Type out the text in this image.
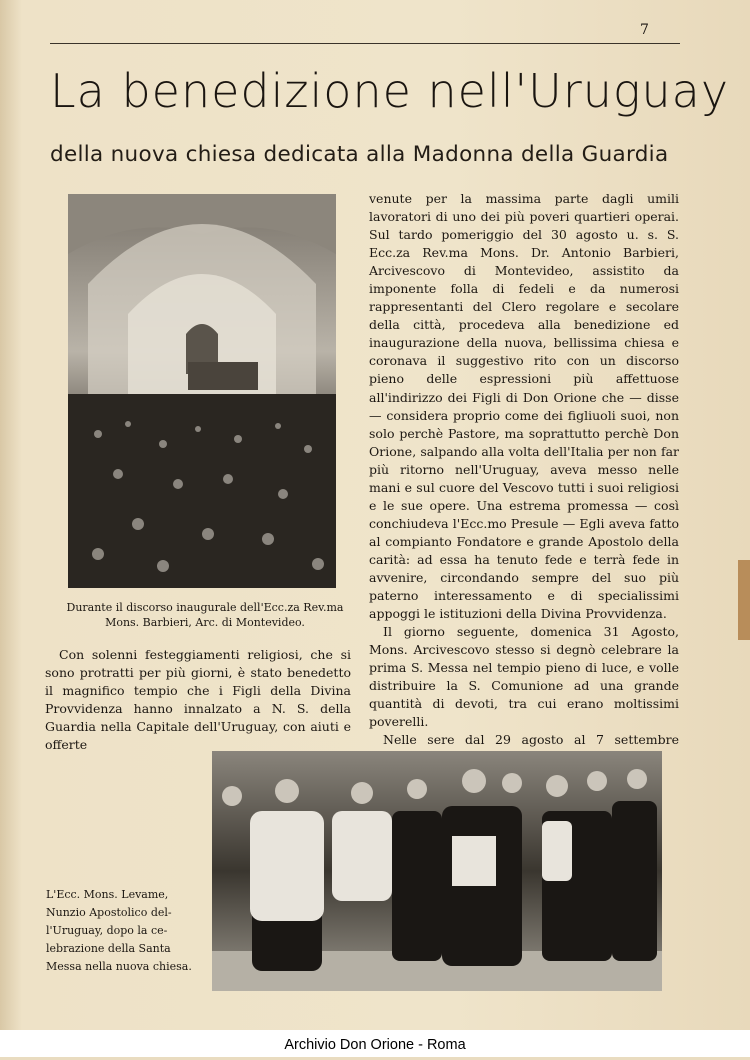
7
La benedizione nell'Uruguay
della nuova chiesa dedicata alla Madonna della Guardia
Durante il discorso inaugurale dell'Ecc.za Rev.ma Mons. Barbieri, Arc. di Montevideo.

Con solenni festeggiamenti religiosi, che si sono protratti per più giorni, è stato benedetto il magnifico tempio che i Figli della Divina Provvidenza hanno innalzato a N. S. della Guardia nella Capitale dell'Uruguay, con aiuti e offerte

venute per la massima parte dagli umili lavoratori di uno dei più poveri quartieri operai. Sul tardo pomeriggio del 30 agosto u. s. S. Ecc.za Rev.ma Mons. Dr. Antonio Barbieri, Arcivescovo di Montevideo, assistito da imponente folla di fedeli e da numerosi rappresentanti del Clero regolare e secolare della città, procedeva alla benedizione ed inaugurazione della nuova, bellissima chiesa e coronava il suggestivo rito con un discorso pieno delle espressioni più affettuose all'indirizzo dei Figli di Don Orione che — disse — considera proprio come dei figliuoli suoi, non solo perchè Pastore, ma soprattutto perchè Don Orione, salpando alla volta dell'Italia per non far più ritorno nell'Uruguay, aveva messo nelle mani e sul cuore del Vescovo tutti i suoi religiosi e le sue opere. Una estrema promessa — così conchiudeva l'Ecc.mo Presule — Egli aveva fatto al compianto Fondatore e grande Apostolo della carità: ad essa ha tenuto fede e terrà fede in avvenire, circondando sempre del suo più paterno interessamento e di specialissimi appoggi le istituzioni della Divina Provvidenza.

Il giorno seguente, domenica 31 Agosto, Mons. Arcivescovo stesso si degnò celebrare la prima S. Messa nel tempio pieno di luce, e volle distribuire la S. Comunione ad una grande quantità di devoti, tra cui erano moltissimi poverelli.

Nelle sere dal 29 agosto al 7 settembre

L'Ecc. Mons. Levame, Nunzio Apostolico del- l'Uruguay, dopo la ce- lebrazione della Santa Messa nella nuova chiesa.
Archivio Don Orione - Roma
